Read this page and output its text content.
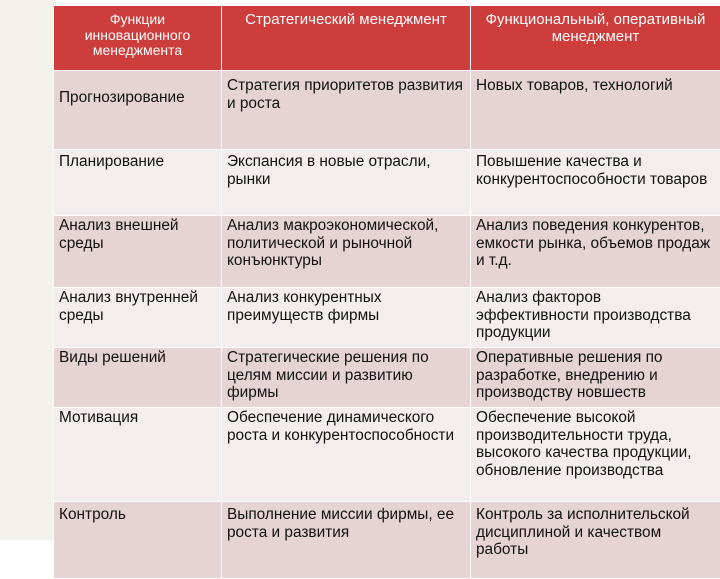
Функции инновационного менеджмента	Стратегический менеджмент	Функциональный, оперативный менеджмент
Прогнозирование	Стратегия приоритетов развития и роста	Новых товаров, технологий
Планирование	Экспансия в новые отрасли, рынки	Повышение качества и конкурентоспособности товаров
Анализ внешней среды	Анализ макроэкономической, политической и рыночной конъюнктуры	Анализ поведения конкурентов, емкости рынка, объемов продаж и т.д.
Анализ внутренней среды	Анализ конкурентных преимуществ фирмы	Анализ факторов эффективности производства продукции
Виды решений	Стратегические решения по целям миссии и развитию фирмы	Оперативные решения по разработке, внедрению и производству новшеств
Мотивация	Обеспечение динамического роста и конкурентоспособности	Обеспечение высокой производительности труда, высокого качества продукции, обновление производства
Контроль	Выполнение миссии фирмы, ее роста и развития	Контроль за исполнительской дисциплиной и качеством работы
